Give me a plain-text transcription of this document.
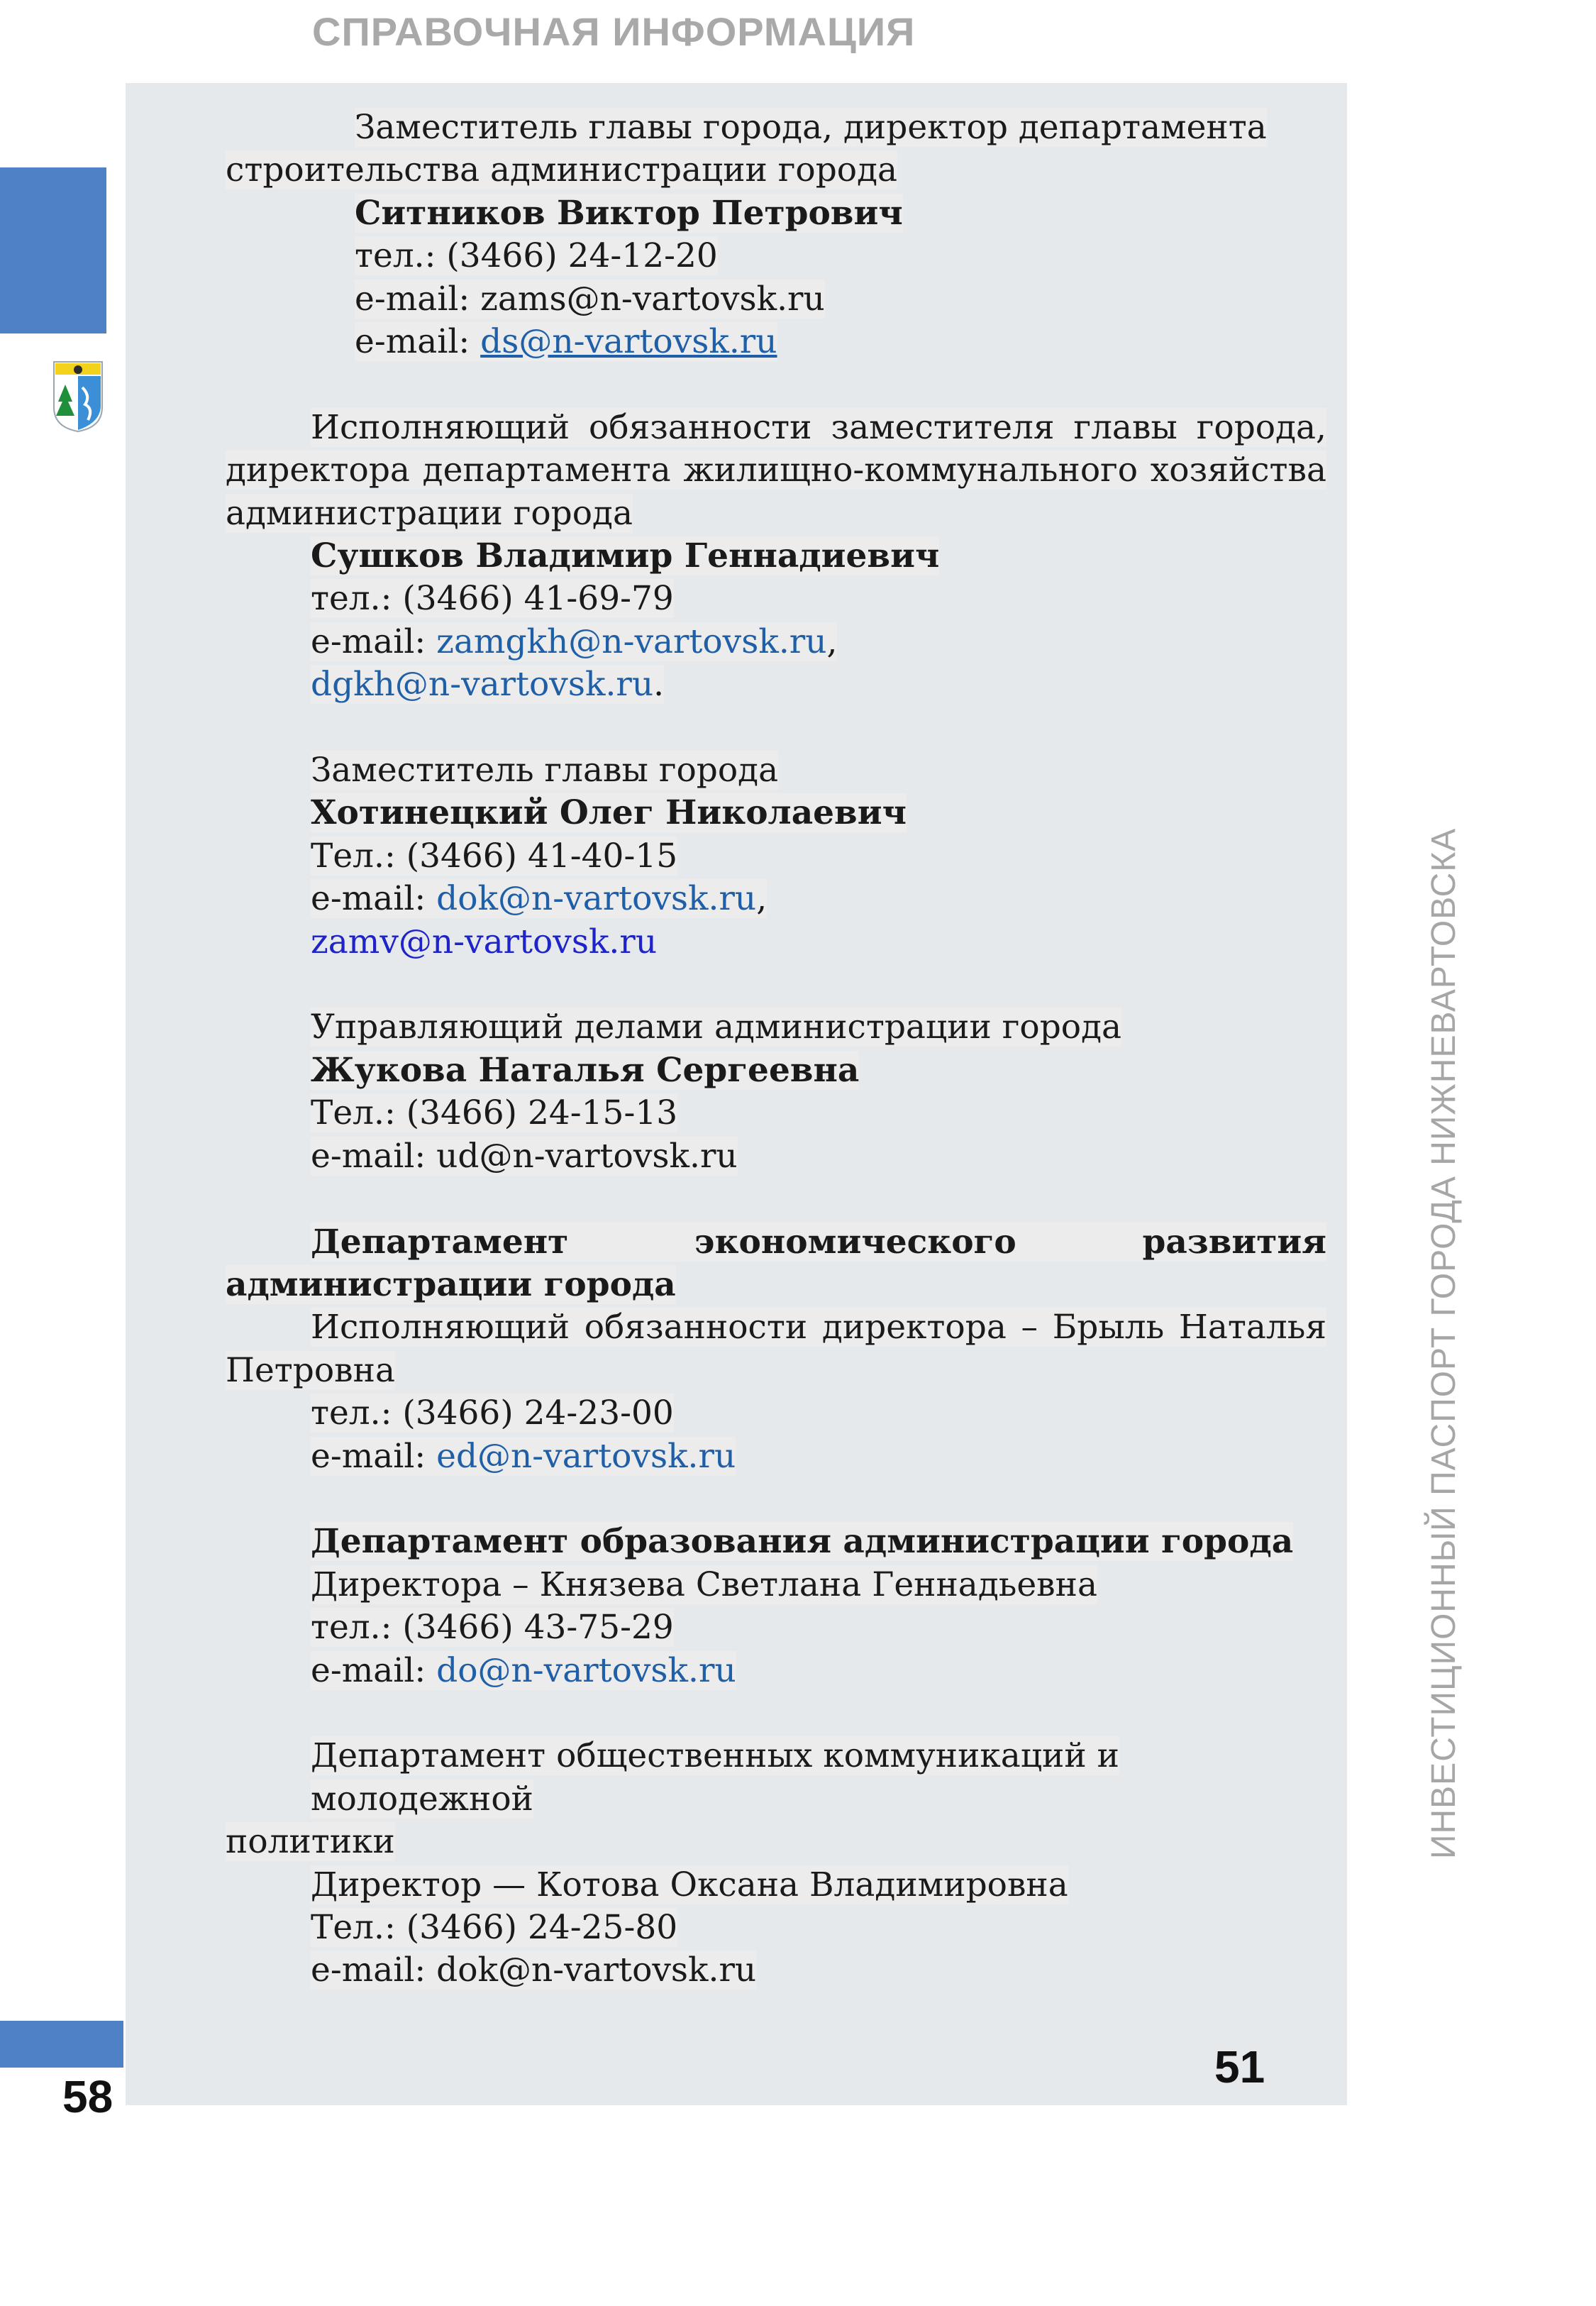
СПРАВОЧНАЯ ИНФОРМАЦИЯ
58
51
ИНВЕСТИЦИОННЫЙ ПАСПОРТ ГОРОДА НИЖНЕВАРТОВСКА

Заместитель главы города, директор департамента

строительства администрации города

Ситников Виктор Петрович

тел.: (3466) 24-12-20

e-mail: zams@n-vartovsk.ru

e-mail: ds@n-vartovsk.ru

Исполняющий обязанности заместителя главы города, директора департамента жилищно-коммунального хозяйства администрации города

Сушков Владимир Геннадиевич

тел.: (3466) 41-69-79

e-mail: zamgkh@n-vartovsk.ru,

dgkh@n-vartovsk.ru.

Заместитель главы города

Хотинецкий Олег Николаевич

Тел.: (3466) 41-40-15

e-mail: dok@n-vartovsk.ru,

zamv@n-vartovsk.ru

Управляющий делами администрации города

Жукова Наталья Сергеевна

Тел.: (3466) 24-15-13

e-mail: ud@n-vartovsk.ru

Департамент экономического развития

администрации города

Исполняющий обязанности директора – Брыль Наталья Петровна

тел.: (3466) 24-23-00

e-mail: ed@n-vartovsk.ru

Департамент образования администрации города

Директора – Князева Светлана Геннадьевна

тел.: (3466) 43-75-29

e-mail: do@n-vartovsk.ru

Департамент общественных коммуникаций и молодежной

политики

Директор — Котова Оксана Владимировна

Тел.: (3466) 24-25-80

e-mail: dok@n-vartovsk.ru
